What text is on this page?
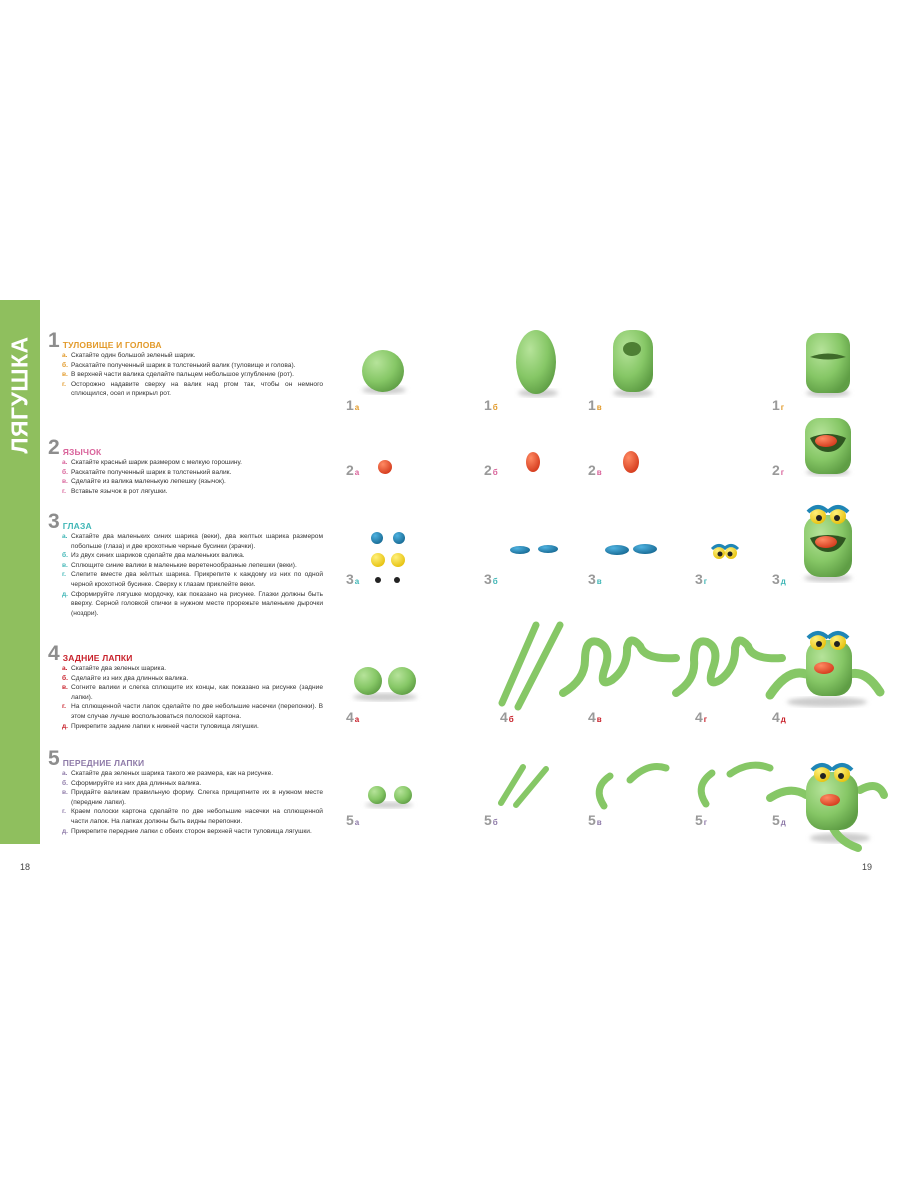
ЛЯГУШКА
18	19
1 ТУЛОВИЩЕ И ГОЛОВА
а. Скатайте один большой зеленый шарик.
б. Раскатайте полученный шарик в толстенький валик (туловище и голова).
в. В верхней части валика сделайте пальцем небольшое углубление (рот).
г. Осторожно надавите сверху на валик над ртом так, чтобы он немного сплющился, осел и прикрыл рот.
2 ЯЗЫЧОК
а. Скатайте красный шарик размером с мелкую горошину.
б. Раскатайте полученный шарик в толстенький валик.
в. Сделайте из валика маленькую лепешку (язычок).
г. Вставьте язычок в рот лягушки.
3 ГЛАЗА
а. Скатайте два маленьких синих шарика (веки), два желтых шарика размером побольше (глаза) и две крохотные черные бусинки (зрачки).
б. Из двух синих шариков сделайте два маленьких валика.
в. Сплющите синие валики в маленькие веретенообразные лепешки (веки).
г. Слепите вместе два жёлтых шарика. Прикрепите к каждому из них по одной черной крохотной бусинке. Сверху к глазам приклейте веки.
д. Сформируйте лягушке мордочку, как показано на рисунке. Глазки должны быть вверху. Серной головкой спички в нужном месте прорежьте маленькие дырочки (ноздри).
4 ЗАДНИЕ ЛАПКИ
а. Скатайте два зеленых шарика.
б. Сделайте из них два длинных валика.
в. Согните валики и слегка сплющите их концы, как показано на рисунке (задние лапки).
г. На сплющенной части лапок сделайте по две небольшие насечки (перепонки). В этом случае лучше воспользоваться полоской картона.
д. Прикрепите задние лапки к нижней части туловища лягушки.
5 ПЕРЕДНИЕ ЛАПКИ
а. Скатайте два зеленых шарика такого же размера, как на рисунке.
б. Сформируйте из них два длинных валика.
в. Придайте валикам правильную форму. Слегка прищипните их в нужном месте (передние лапки).
г. Краем полоски картона сделайте по две небольшие насечки на сплющенной части лапок. На лапках должны быть видны перепонки.
д. Прикрепите передние лапки с обеих сторон верхней части туловища лягушки.
1а	1б	1в	1г
2а	2б	2в	2г
3а	3б	3в	3г	3д
4а	4б	4в	4г	4д
5а	5б	5в	5г	5д
